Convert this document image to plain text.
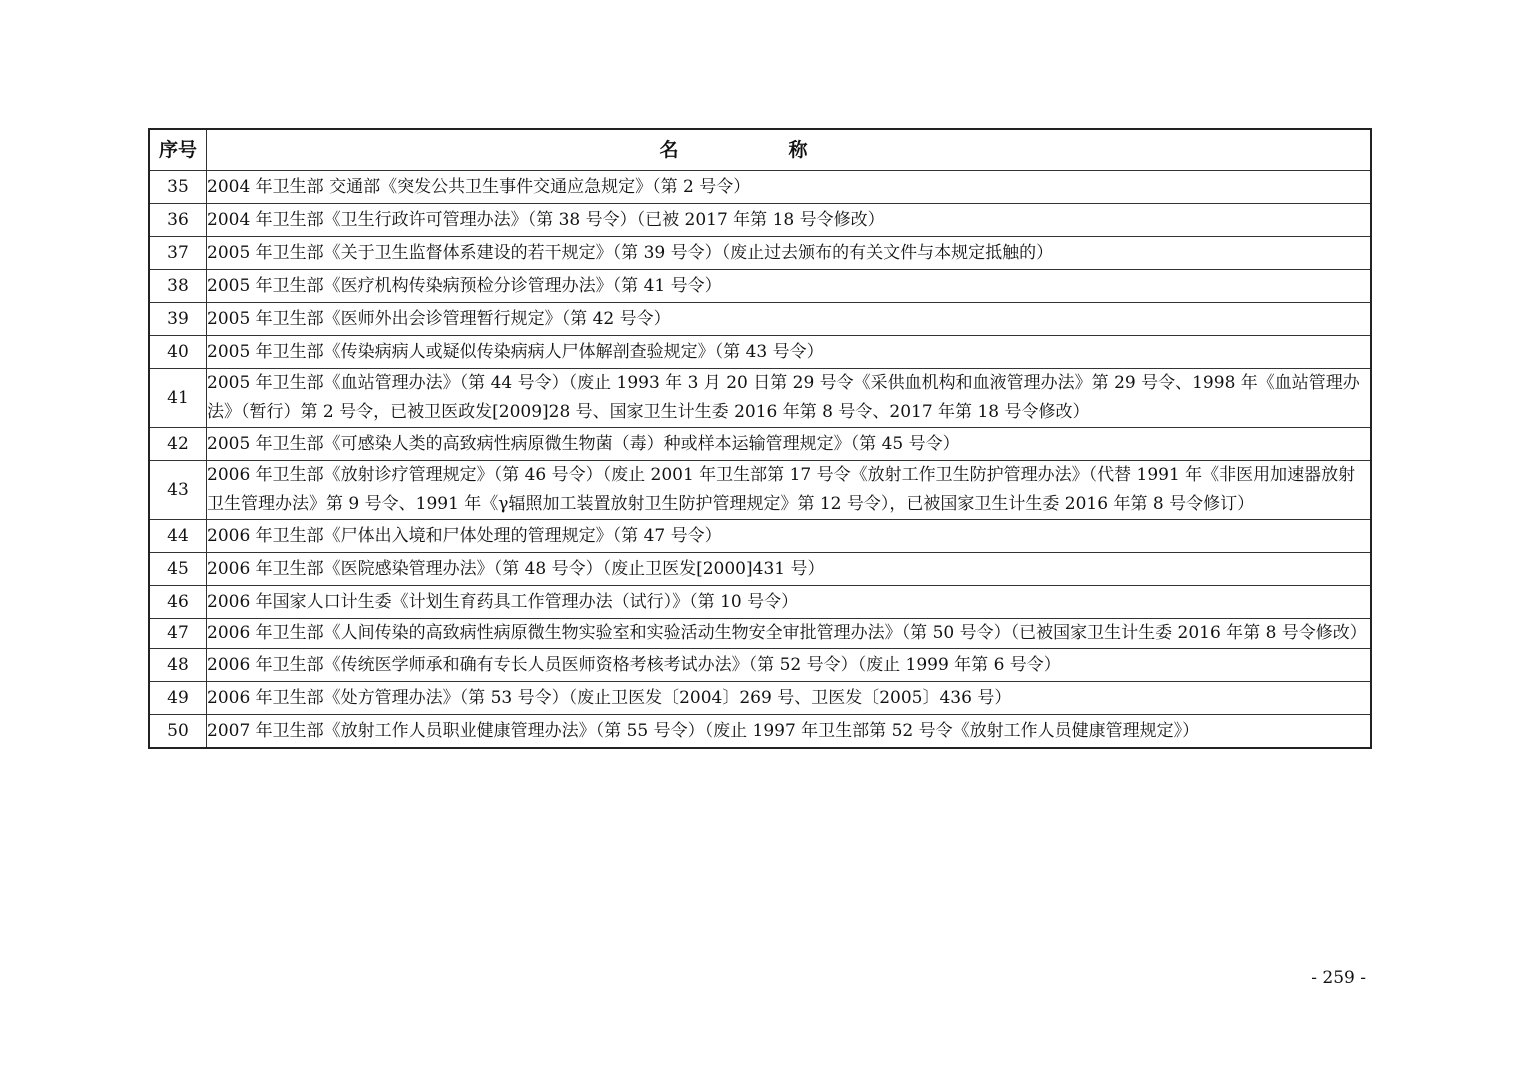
序号	名称
35	2004 年卫生部 交通部《突发公共卫生事件交通应急规定》（第 2 号令）
36	2004 年卫生部《卫生行政许可管理办法》（第 38 号令）（已被 2017 年第 18 号令修改）
37	2005 年卫生部《关于卫生监督体系建设的若干规定》（第 39 号令）（废止过去颁布的有关文件与本规定抵触的）
38	2005 年卫生部《医疗机构传染病预检分诊管理办法》（第 41 号令）
39	2005 年卫生部《医师外出会诊管理暂行规定》（第 42 号令）
40	2005 年卫生部《传染病病人或疑似传染病病人尸体解剖查验规定》（第 43 号令）
41	2005 年卫生部《血站管理办法》（第 44 号令）（废止 1993 年 3 月 20 日第 29 号令《采供血机构和血液管理办法》第 29 号令、1998 年《血站管理办法》（暂行）第 2 号令，已被卫医政发[2009]28 号、国家卫生计生委 2016 年第 8 号令、2017 年第 18 号令修改）
42	2005 年卫生部《可感染人类的高致病性病原微生物菌（毒）种或样本运输管理规定》（第 45 号令）
43	2006 年卫生部《放射诊疗管理规定》（第 46 号令）（废止 2001 年卫生部第 17 号令《放射工作卫生防护管理办法》（代替 1991 年《非医用加速器放射卫生管理办法》第 9 号令、1991 年《γ辐照加工装置放射卫生防护管理规定》第 12 号令），已被国家卫生计生委 2016 年第 8 号令修订）
44	2006 年卫生部《尸体出入境和尸体处理的管理规定》（第 47 号令）
45	2006 年卫生部《医院感染管理办法》（第 48 号令）（废止卫医发[2000]431 号）
46	2006 年国家人口计生委《计划生育药具工作管理办法（试行）》（第 10 号令）
47	2006 年卫生部《人间传染的高致病性病原微生物实验室和实验活动生物安全审批管理办法》（第 50 号令）（已被国家卫生计生委 2016 年第 8 号令修改）
48	2006 年卫生部《传统医学师承和确有专长人员医师资格考核考试办法》（第 52 号令）（废止 1999 年第 6 号令）
49	2006 年卫生部《处方管理办法》（第 53 号令）（废止卫医发〔2004〕269 号、卫医发〔2005〕436 号）
50	2007 年卫生部《放射工作人员职业健康管理办法》（第 55 号令）（废止 1997 年卫生部第 52 号令《放射工作人员健康管理规定》）
- 259 -
